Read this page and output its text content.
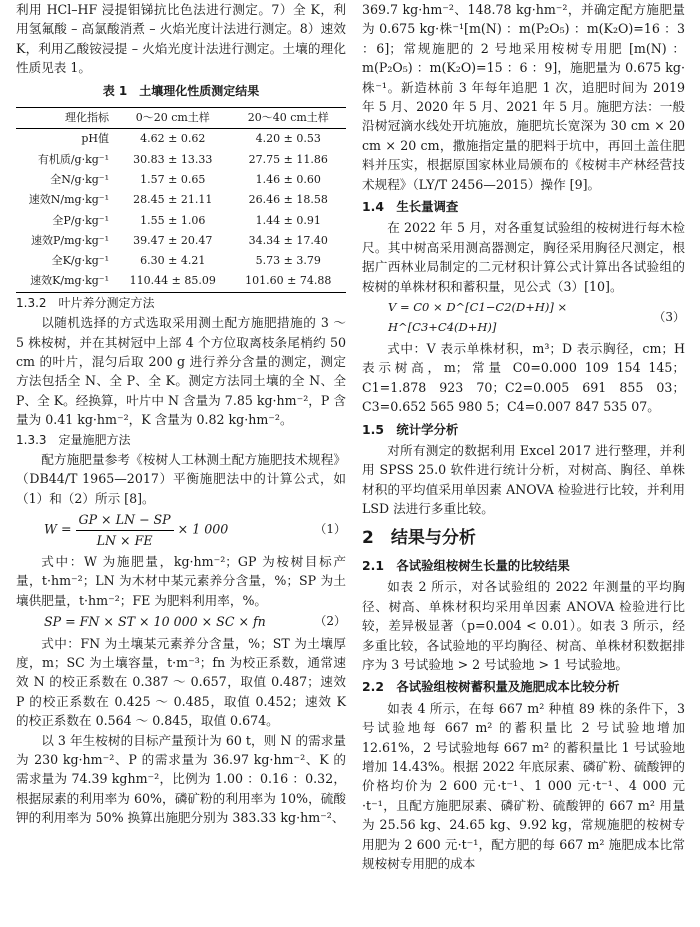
利用 HCl–HF 浸提钼锑抗比色法进行测定。7）全 K，利用氢氟酸 – 高氯酸消煮 – 火焰光度计法进行测定。8）速效 K，利用乙酸铵浸提 – 火焰光度计法进行测定。土壤的理化性质见表 1。

表 1　土壤理化性质测定结果
理化指标	0～20 cm土样	20～40 cm土样
pH值	4.62 ± 0.62	4.20 ± 0.53
有机质/g·kg⁻¹	30.83 ± 13.33	27.75 ± 11.86
全N/g·kg⁻¹	1.57 ± 0.65	1.46 ± 0.60
速效N/mg·kg⁻¹	28.45 ± 21.11	26.46 ± 18.58
全P/g·kg⁻¹	1.55 ± 1.06	1.44 ± 0.91
速效P/mg·kg⁻¹	39.47 ± 20.47	34.34 ± 17.40
全K/g·kg⁻¹	6.30 ± 4.21	5.73 ± 3.79
速效K/mg·kg⁻¹	110.44 ± 85.09	101.60 ± 74.88
1.3.2　叶片养分测定方法

以随机选择的方式选取采用测土配方施肥措施的 3 ～ 5 株桉树，并在其树冠中上部 4 个方位取离枝条尾梢约 50 cm 的叶片，混匀后取 200 g 进行养分含量的测定，测定方法包括全 N、全 P、全 K。测定方法同土壤的全 N、全 P、全 K。经换算，叶片中 N 含量为 7.85 kg·hm⁻²，P 含量为 0.41 kg·hm⁻²，K 含量为 0.82 kg·hm⁻²。

1.3.3　定量施肥方法

配方施肥量参考《桉树人工林测土配方施肥技术规程》（DB44/T 1965—2017）平衡施肥法中的计算公式，如（1）和（2）所示 [8]。

$W = \frac{GP \times LN - SP}{LN \times FE} \times 1$ 000	（1）

式中：W 为施肥量，kg·hm⁻²；GP 为桉树目标产量，t·hm⁻²；LN 为木材中某元素养分含量，%；SP 为土壤供肥量，t·hm⁻²；FE 为肥料利用率，%。

SP = FN × ST × 10 000 × SC × fn	（2）

式中：FN 为土壤某元素养分含量，%；ST 为土壤厚度，m；SC 为土壤容量，t·m⁻³；fn 为校正系数，通常速效 N 的校正系数在 0.387 ～ 0.657，取值 0.487；速效 P 的校正系数在 0.425 ～ 0.485，取值 0.452；速效 K 的校正系数在 0.564 ～ 0.845，取值 0.674。

以 3 年生桉树的目标产量预计为 60 t，则 N 的需求量为 230 kg·hm⁻²、P 的需求量为 36.97 kg·hm⁻²、K 的需求量为 74.39 kghm⁻²，比例为 1.00 ：0.16 ：0.32，根据尿素的利用率为 60%，磷矿粉的利用率为 10%，硫酸钾的利用率为 50% 换算出施肥分别为 383.33 kg·hm⁻²、

369.7 kg·hm⁻²、148.78 kg·hm⁻²，并确定配方施肥量为 0.675 kg·株⁻¹[m(N) ：m(P₂O₅) ：m(K₂O)=16 ：3 ：6]；常规施肥的 2 号地采用桉树专用肥 [m(N) ：m(P₂O₅) ：m(K₂O)=15 ：6 ：9]，施肥量为 0.675 kg·株⁻¹。新造林前 3 年每年追肥 1 次，追肥时间为 2019 年 5 月、2020 年 5 月、2021 年 5 月。施肥方法：一般沿树冠滴水线处开坑施放，施肥坑长宽深为 30 cm × 20 cm × 20 cm，撒施指定量的肥料于坑中，再回土盖住肥料并压实，根据原国家林业局颁布的《桉树丰产林经营技术规程》（LY/T 2456—2015）操作 [9]。

1.4　生长量调查

在 2022 年 5 月，对各重复试验组的桉树进行每木检尺。其中树高采用测高器测定，胸径采用胸径尺测定，根据广西林业局制定的二元材积计算公式计算出各试验组的桉树的单株材积和蓄积量，见公式（3）[10]。

V = C0 × D^[C1−C2(D+H)] × H^[C3+C4(D+H)]
（3）

式中：V 表示单株材积，m³；D 表示胸径，cm；H 表示树高，m；常量 C0=0.000 109 154 145；C1=1.878 923 70；C2=0.005 691 855 03；C3=0.652 565 980 5；C4=0.007 847 535 07。

1.5　统计学分析

对所有测定的数据利用 Excel 2017 进行整理，并利用 SPSS 25.0 软件进行统计分析，对树高、胸径、单株材积的平均值采用单因素 ANOVA 检验进行比较，并利用 LSD 法进行多重比较。

2　结果与分析
2.1　各试验组桉树生长量的比较结果

如表 2 所示，对各试验组的 2022 年测量的平均胸径、树高、单株材积均采用单因素 ANOVA 检验进行比较，差异极显著（p=0.004 < 0.01）。如表 3 所示，经多重比较，各试验地的平均胸径、树高、单株材积数据排序为 3 号试验地 > 2 号试验地 > 1 号试验地。

2.2　各试验组桉树蓄积量及施肥成本比较分析

如表 4 所示，在每 667 m² 种植 89 株的条件下，3 号试验地每 667 m² 的蓄积量比 2 号试验地增加 12.61%，2 号试验地每 667 m² 的蓄积量比 1 号试验地增加 14.43%。根据 2022 年底尿素、磷矿粉、硫酸钾的价格均价为 2 600 元·t⁻¹、1 000 元·t⁻¹、4 000 元·t⁻¹，且配方施肥尿素、磷矿粉、硫酸钾的 667 m² 用量为 25.56 kg、24.65 kg、9.92 kg，常规施肥的桉树专用肥为 2 600 元·t⁻¹，配方肥的每 667 m² 施肥成本比常规桉树专用肥的成本
